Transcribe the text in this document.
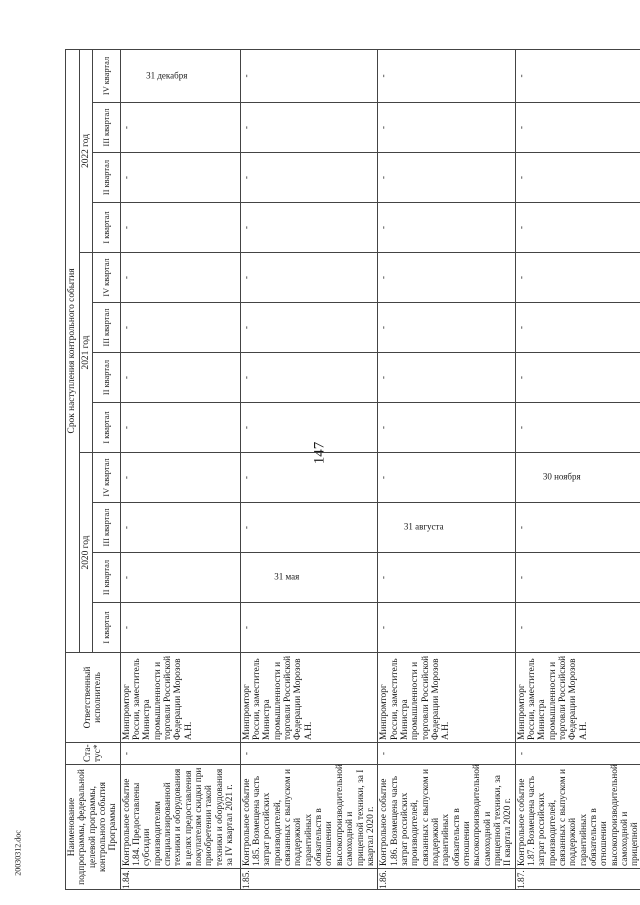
147
Наименование подпрограммы, федеральной целевой программы, контрольного события Программы		Ста- тус*	Ответственный исполнитель	Срок наступления контрольного события											
				2020 год				2021 год				2022 год			
				I квартал	II квартал	III квартал	IV квартал	I квартал	II квартал	III квартал	IV квартал	I квартал	II квартал	III квартал	IV квартал
1.84.	Контрольное событие 1.84. Предоставлены субсидии производителям специализированной техники и оборудования в целях предоставления покупателям скидки при приобретении такой техники и оборудования за IV квартал 2021 г.	-	Минпромторг России, заместитель Министра промышленности и торговли Российской Федерации Морозов А.Н.	-	-	-	-	-	-	-	-	-	-	-	31 декабря

1.85.	Контрольное событие 1.85. Возмещена часть затрат российских производителей, связанных с выпуском и поддержкой гарантийных обязательств в отношении высокопроизводительной самоходной и прицепной техники, за I квартал 2020 г.	-	Минпромторг России, заместитель Министра промышленности и торговли Российской Федерации Морозов А.Н.	-	31 мая	-	-	-	-	-	-	-	-	-	-
1.86.	Контрольное событие 1.86. Возмещена часть затрат российских производителей, связанных с выпуском и поддержкой гарантийных обязательств в отношении высокопроизводительной самоходной и прицепной техники, за II квартал 2020 г.	-	Минпромторг России, заместитель Министра промышленности и торговли Российской Федерации Морозов А.Н.	-	-	31 августа	-	-	-	-	-	-	-	-	-
1.87.	Контрольное событие 1.87. Возмещена часть затрат российских производителей, связанных с выпуском и поддержкой гарантийных обязательств в отношении высокопроизводительной самоходной и прицепной	-	Минпромторг России, заместитель Министра промышленности и торговли Российской Федерации Морозов А.Н.	-	-	-	30 ноября	-	-	-	-	-	-	-	-
2003031‍2.doc
